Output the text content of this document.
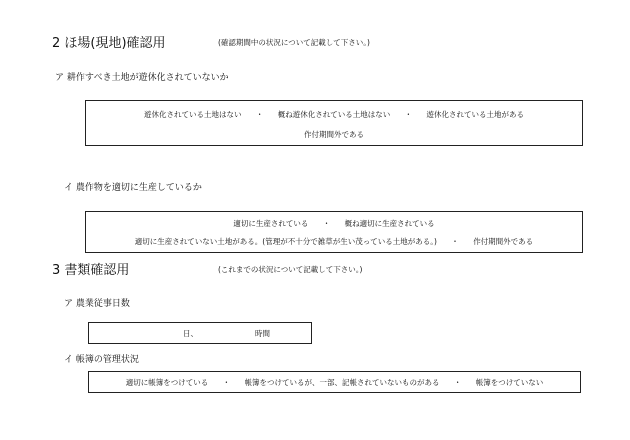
2 ほ場(現地)確認用	(確認期間中の状況について記載して下さい。)
ア 耕作すべき土地が遊休化されていないか
遊休化されている土地はない ・ 概ね遊休化されている土地はない ・ 遊休化されている土地がある
作付期間外である
イ 農作物を適切に生産しているか
適切に生産されている ・ 概ね適切に生産されている
適切に生産されていない土地がある。(管理が不十分で雑草が生い茂っている土地がある。) ・ 作付期間外である
3 書類確認用	(これまでの状況について記載して下さい。)
ア 農業従事日数
日、	時間
イ 帳簿の管理状況
適切に帳簿をつけている ・ 帳簿をつけているが、一部、記帳されていないものがある ・ 帳簿をつけていない
